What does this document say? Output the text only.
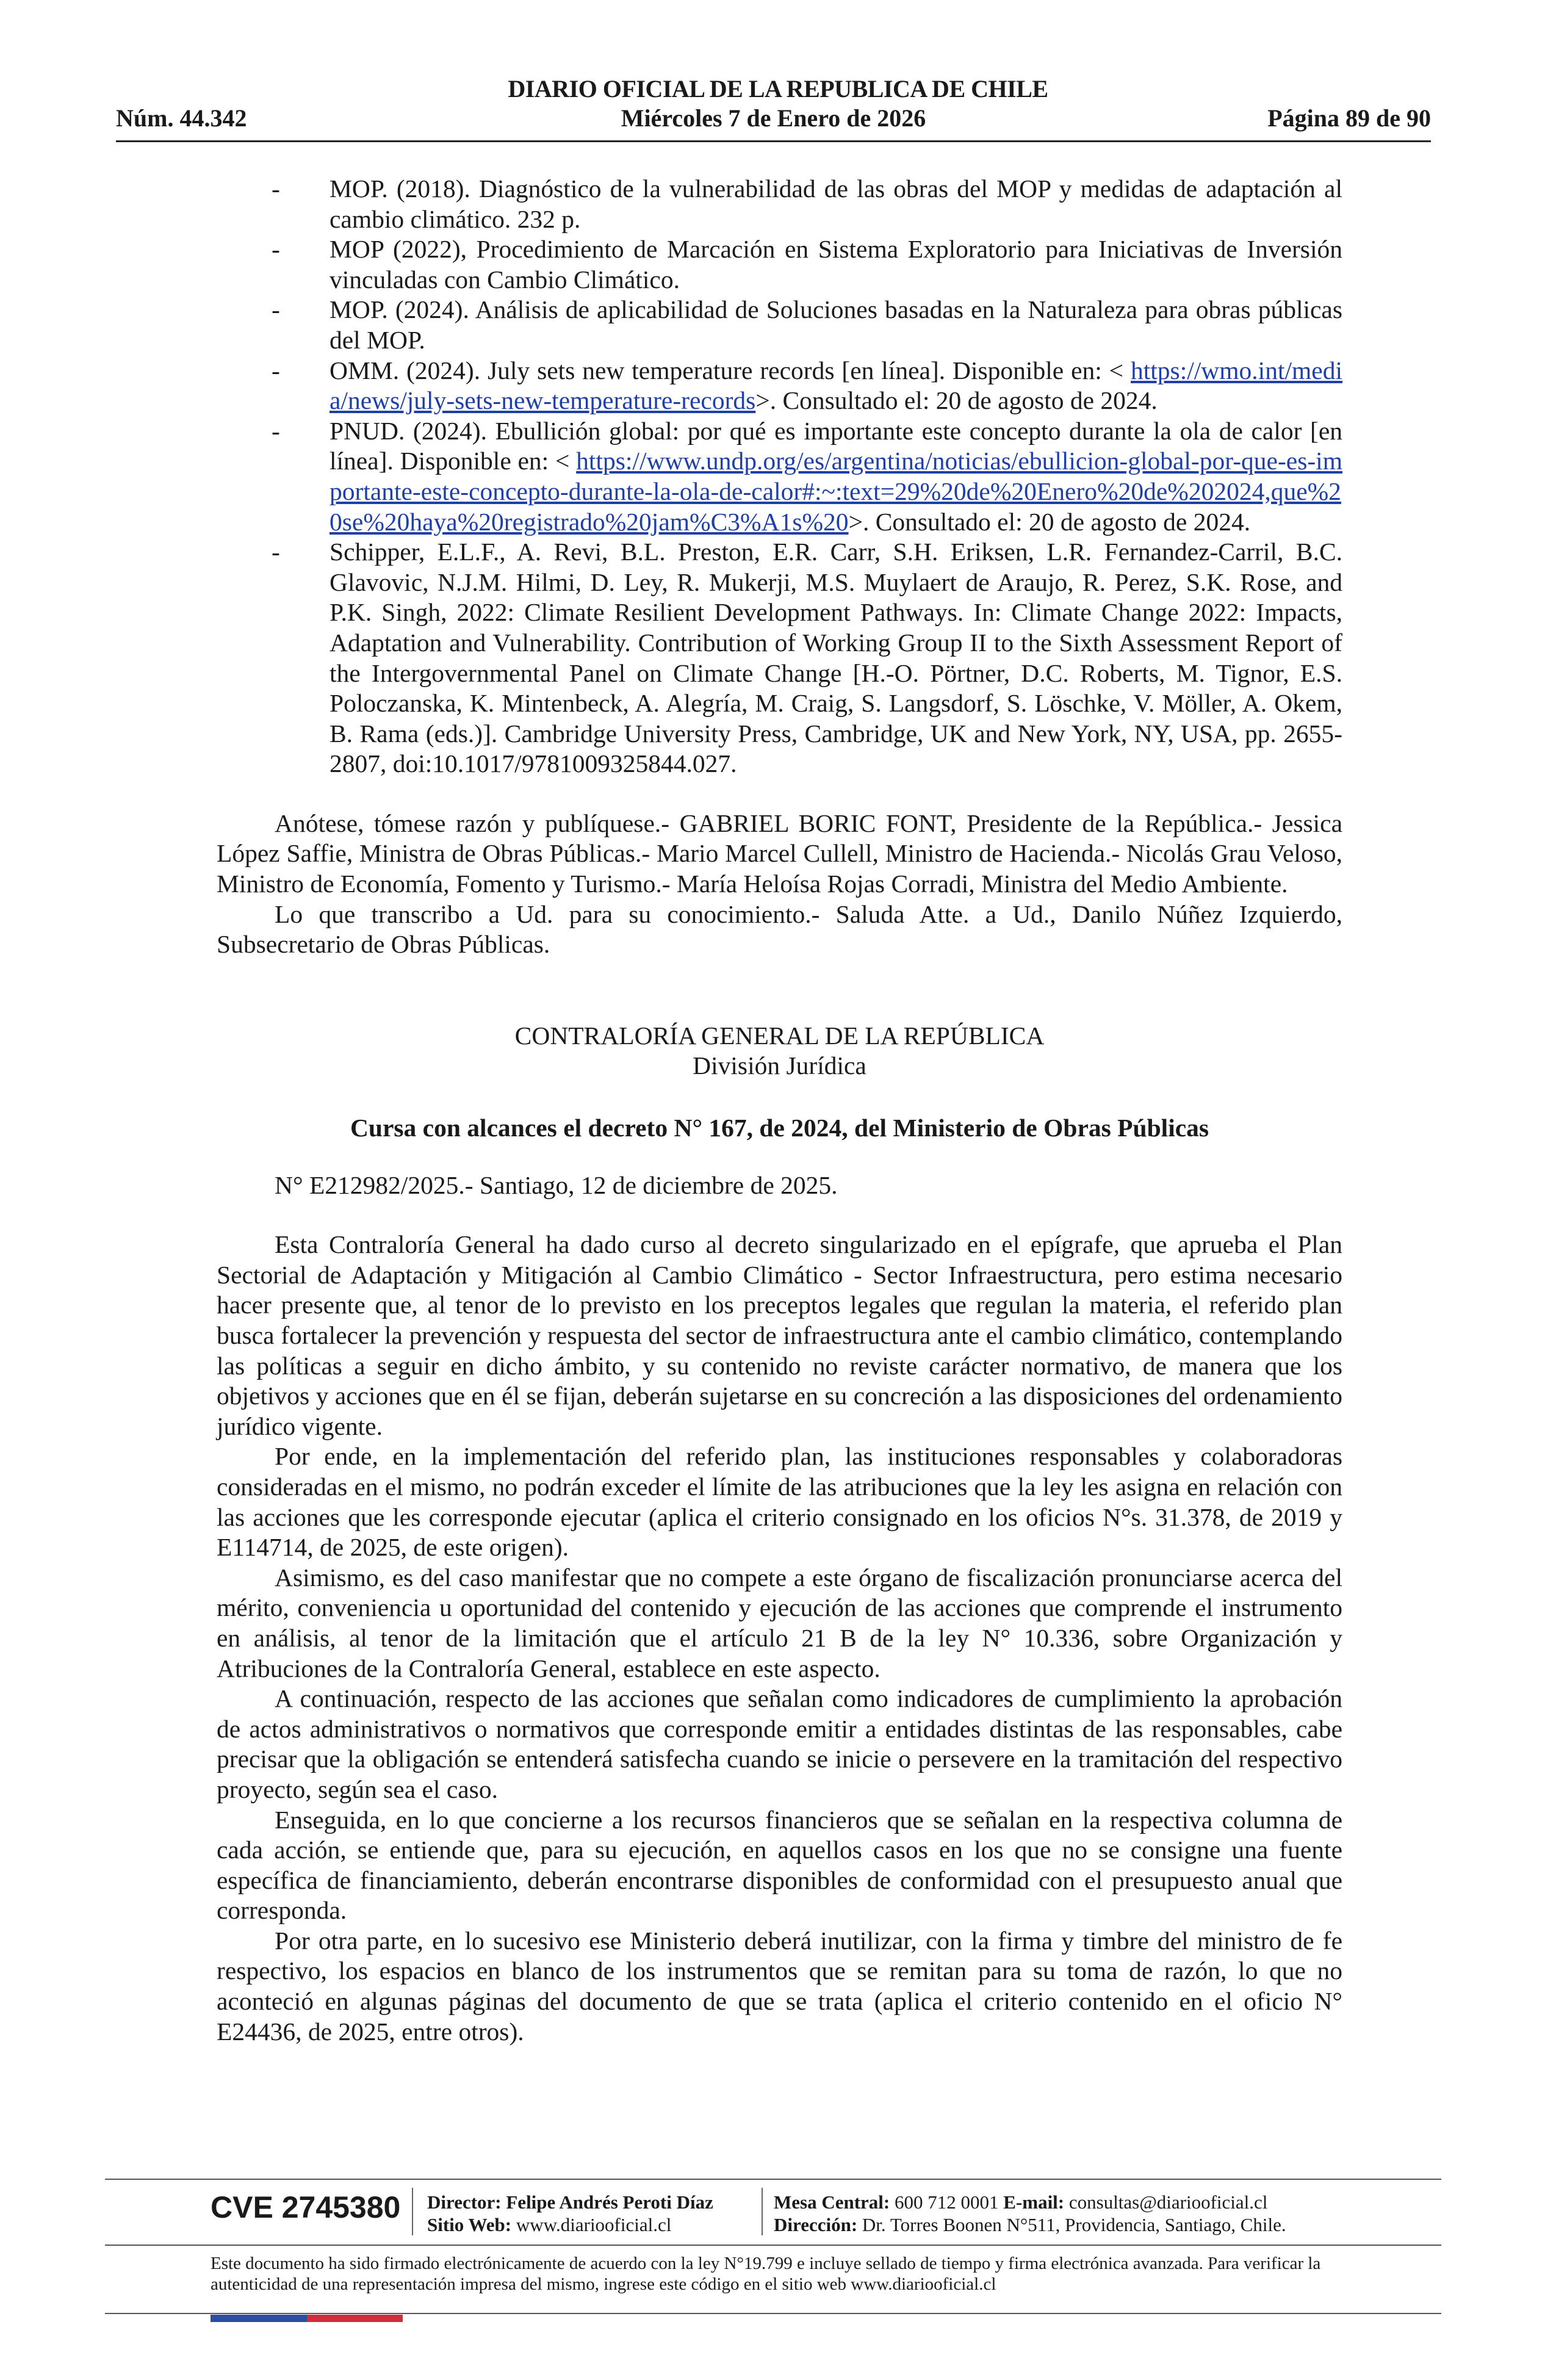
DIARIO OFICIAL DE LA REPUBLICA DE CHILE
Núm. 44.342	Miércoles 7 de Enero de 2026	Página 89 de 90
- MOP. (2018). Diagnóstico de la vulnerabilidad de las obras del MOP y medidas de adaptación al cambio climático. 232 p.
- MOP (2022), Procedimiento de Marcación en Sistema Exploratorio para Iniciativas de Inversión vinculadas con Cambio Climático.
- MOP. (2024). Análisis de aplicabilidad de Soluciones basadas en la Naturaleza para obras públicas del MOP.
- OMM. (2024). July sets new temperature records [en línea]. Disponible en: < https://wmo.int/media/news/july-sets-new-temperature-records>. Consultado el: 20 de agosto de 2024.
- PNUD. (2024). Ebullición global: por qué es importante este concepto durante la ola de calor [en línea]. Disponible en: < https://www.undp.org/es/argentina/noticias/ebullicion-global-por-que-es-importante-este-concepto-durante-la-ola-de-calor#:~:text=29%20de%20Enero%20de%202024,que%20se%20haya%20registrado%20jam%C3%A1s%20>. Consultado el: 20 de agosto de 2024.
- Schipper, E.L.F., A. Revi, B.L. Preston, E.R. Carr, S.H. Eriksen, L.R. Fernandez-Carril, B.C. Glavovic, N.J.M. Hilmi, D. Ley, R. Mukerji, M.S. Muylaert de Araujo, R. Perez, S.K. Rose, and P.K. Singh, 2022: Climate Resilient Development Pathways. In: Climate Change 2022: Impacts, Adaptation and Vulnerability. Contribution of Working Group II to the Sixth Assessment Report of the Intergovernmental Panel on Climate Change [H.-O. Pörtner, D.C. Roberts, M. Tignor, E.S. Poloczanska, K. Mintenbeck, A. Alegría, M. Craig, S. Langsdorf, S. Löschke, V. Möller, A. Okem, B. Rama (eds.)]. Cambridge University Press, Cambridge, UK and New York, NY, USA, pp. 2655-2807, doi:10.1017/9781009325844.027.

Anótese, tómese razón y publíquese.- GABRIEL BORIC FONT, Presidente de la República.- Jessica López Saffie, Ministra de Obras Públicas.- Mario Marcel Cullell, Ministro de Hacienda.- Nicolás Grau Veloso, Ministro de Economía, Fomento y Turismo.- María Heloísa Rojas Corradi, Ministra del Medio Ambiente.

Lo que transcribo a Ud. para su conocimiento.- Saluda Atte. a Ud., Danilo Núñez Izquierdo, Subsecretario de Obras Públicas.

CONTRALORÍA GENERAL DE LA REPÚBLICA

División Jurídica

Cursa con alcances el decreto N° 167, de 2024, del Ministerio de Obras Públicas

N° E212982/2025.- Santiago, 12 de diciembre de 2025.

Esta Contraloría General ha dado curso al decreto singularizado en el epígrafe, que aprueba el Plan Sectorial de Adaptación y Mitigación al Cambio Climático - Sector Infraestructura, pero estima necesario hacer presente que, al tenor de lo previsto en los preceptos legales que regulan la materia, el referido plan busca fortalecer la prevención y respuesta del sector de infraestructura ante el cambio climático, contemplando las políticas a seguir en dicho ámbito, y su contenido no reviste carácter normativo, de manera que los objetivos y acciones que en él se fijan, deberán sujetarse en su concreción a las disposiciones del ordenamiento jurídico vigente.

Por ende, en la implementación del referido plan, las instituciones responsables y colaboradoras consideradas en el mismo, no podrán exceder el límite de las atribuciones que la ley les asigna en relación con las acciones que les corresponde ejecutar (aplica el criterio consignado en los oficios N°s. 31.378, de 2019 y E114714, de 2025, de este origen).

Asimismo, es del caso manifestar que no compete a este órgano de fiscalización pronunciarse acerca del mérito, conveniencia u oportunidad del contenido y ejecución de las acciones que comprende el instrumento en análisis, al tenor de la limitación que el artículo 21 B de la ley N° 10.336, sobre Organización y Atribuciones de la Contraloría General, establece en este aspecto.

A continuación, respecto de las acciones que señalan como indicadores de cumplimiento la aprobación de actos administrativos o normativos que corresponde emitir a entidades distintas de las responsables, cabe precisar que la obligación se entenderá satisfecha cuando se inicie o persevere en la tramitación del respectivo proyecto, según sea el caso.

Enseguida, en lo que concierne a los recursos financieros que se señalan en la respectiva columna de cada acción, se entiende que, para su ejecución, en aquellos casos en los que no se consigne una fuente específica de financiamiento, deberán encontrarse disponibles de conformidad con el presupuesto anual que corresponda.

Por otra parte, en lo sucesivo ese Ministerio deberá inutilizar, con la firma y timbre del ministro de fe respectivo, los espacios en blanco de los instrumentos que se remitan para su toma de razón, lo que no aconteció en algunas páginas del documento de que se trata (aplica el criterio contenido en el oficio N° E24436, de 2025, entre otros).

CVE 2745380 Director: Felipe Andrés Peroti Díaz
Sitio Web: www.diariooficial.cl
Mesa Central: 600 712 0001 E-mail: consultas@diariooficial.cl
Dirección: Dr. Torres Boonen N°511, Providencia, Santiago, Chile.
Este documento ha sido firmado electrónicamente de acuerdo con la ley N°19.799 e incluye sellado de tiempo y firma electrónica avanzada. Para verificar la autenticidad de una representación impresa del mismo, ingrese este código en el sitio web www.diariooficial.cl
